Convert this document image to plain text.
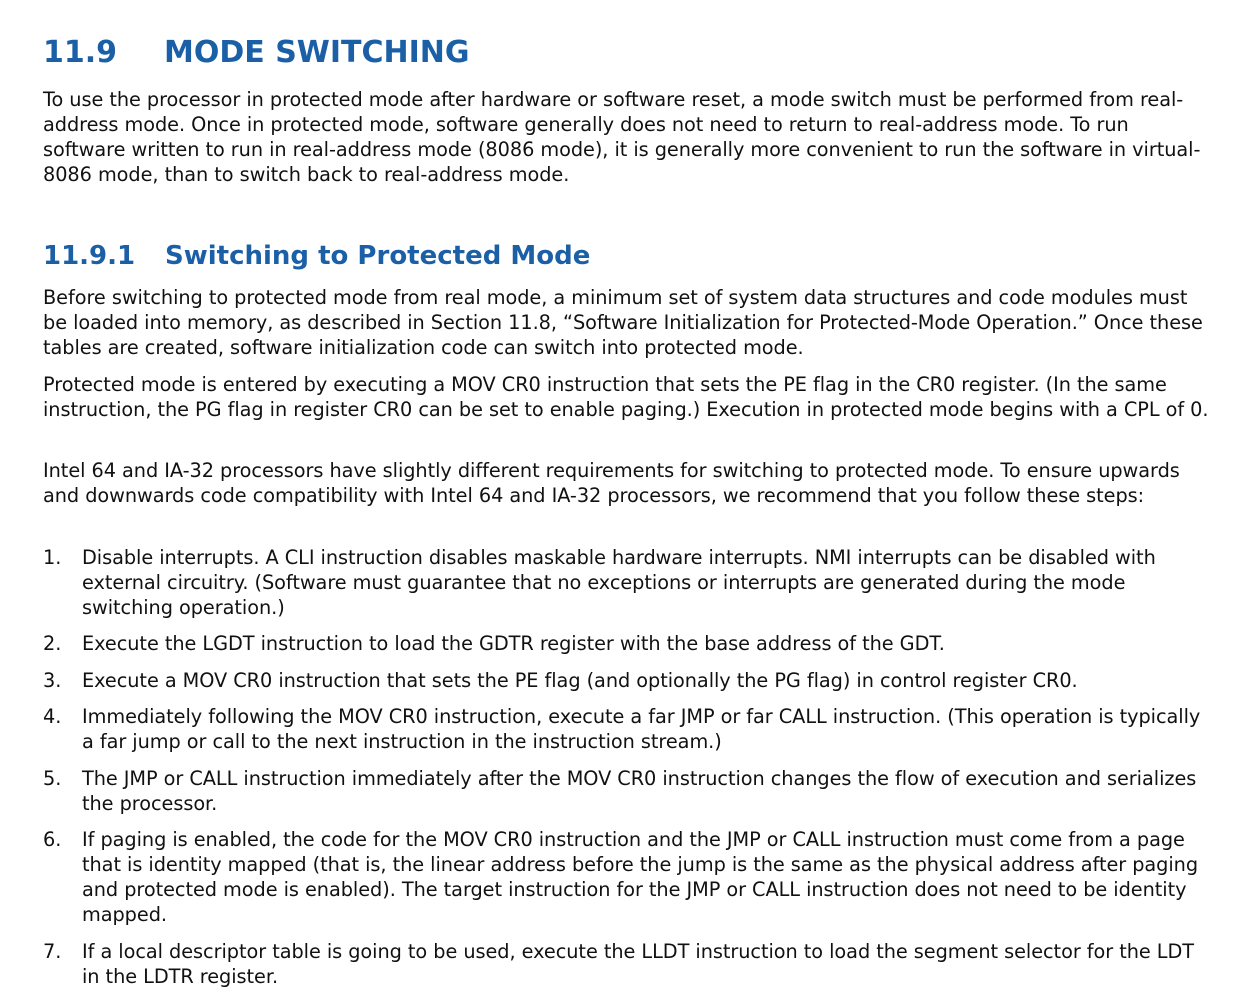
11.9 MODE SWITCHING

To use the processor in protected mode after hardware or software reset, a mode switch must be performed from real-address mode. Once in protected mode, software generally does not need to return to real-address mode. To run software written to run in real-address mode (8086 mode), it is generally more convenient to run the software in virtual-8086 mode, than to switch back to real-address mode.

11.9.1 Switching to Protected Mode

Before switching to protected mode from real mode, a minimum set of system data structures and code modules must be loaded into memory, as described in Section 11.8, “Software Initialization for Protected-Mode Operation.” Once these tables are created, software initialization code can switch into protected mode.

Protected mode is entered by executing a MOV CR0 instruction that sets the PE flag in the CR0 register. (In the same instruction, the PG flag in register CR0 can be set to enable paging.) Execution in protected mode begins with a CPL of 0.

Intel 64 and IA-32 processors have slightly different requirements for switching to protected mode. To ensure upwards and downwards code compatibility with Intel 64 and IA-32 processors, we recommend that you follow these steps:

1.	Disable interrupts. A CLI instruction disables maskable hardware interrupts. NMI interrupts can be disabled with external circuitry. (Software must guarantee that no exceptions or interrupts are generated during the mode switching operation.)
2.	Execute the LGDT instruction to load the GDTR register with the base address of the GDT.
3.	Execute a MOV CR0 instruction that sets the PE flag (and optionally the PG flag) in control register CR0.
4.	Immediately following the MOV CR0 instruction, execute a far JMP or far CALL instruction. (This operation is typically a far jump or call to the next instruction in the instruction stream.)
5.	The JMP or CALL instruction immediately after the MOV CR0 instruction changes the flow of execution and serializes the processor.
6.	If paging is enabled, the code for the MOV CR0 instruction and the JMP or CALL instruction must come from a page that is identity mapped (that is, the linear address before the jump is the same as the physical address after paging and protected mode is enabled). The target instruction for the JMP or CALL instruction does not need to be identity mapped.
7.	If a local descriptor table is going to be used, execute the LLDT instruction to load the segment selector for the LDT in the LDTR register.
